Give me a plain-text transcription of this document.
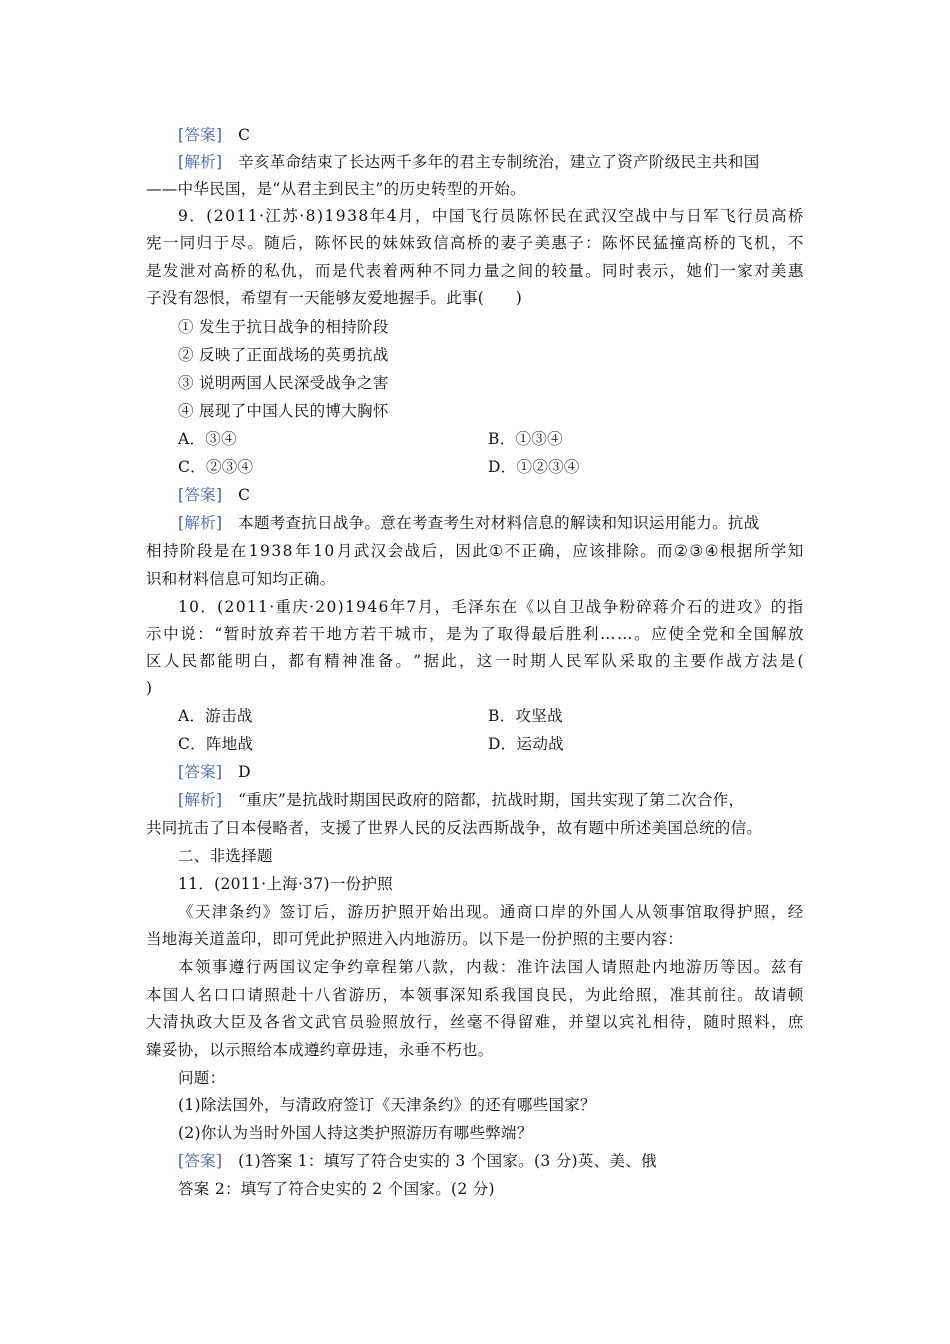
[答案]　 C
[解析]　 辛亥革命结束了长达两千多年的君主专制统治，建立了资产阶级民主共和国
——中华民国，是“从君主到民主”的历史转型的开始。
9 ． ( 2 0 1 1 · 江 苏 · 8 ) 1 9 3 8 年 4 月 ， 中 国 飞 行 员 陈 怀 民 在 武 汉 空 战 中 与 日 军 飞 行 员 高 桥
宪 一 同 归 于 尽 。 随 后 ， 陈 怀 民 的 妹 妹 致 信 高 桥 的 妻 子 美 惠 子 ： 陈 怀 民 猛 撞 高 桥 的 飞 机 ， 不
是 发 泄 对 高 桥 的 私 仇 ， 而 是 代 表 着 两 种 不 同 力 量 之 间 的 较 量 。 同 时 表 示 ， 她 们 一 家 对 美 惠
子没有怨恨，希望有一天能够友爱地握手。此事(　　)
① 发生于抗日战争的相持阶段
② 反映了正面战场的英勇抗战
③ 说明两国人民深受战争之害
④ 展现了中国人民的博大胸怀
A．③④	B．①③④
C．②③④	D．①②③④
[答案]　 C
[解析]　 本题考查抗日战争。意在考查考生对材料信息的解读和知识运用能力。抗战
相 持 阶 段 是 在 1 9 3 8 年 1 0 月 武 汉 会 战 后 ， 因 此 ① 不 正 确 ， 应 该 排 除 。 而 ② ③ ④ 根 据 所 学 知
识和材料信息可知均正确。
1 0 ． ( 2 0 1 1 · 重 庆 · 2 0 ) 1 9 4 6 年 7 月 ， 毛 泽 东 在 《 以 自 卫 战 争 粉 碎 蒋 介 石 的 进 攻 》 的 指
示 中 说 ： “ 暂 时 放 弃 若 干 地 方 若 干 城 市 ， 是 为 了 取 得 最 后 胜 利 … … 。 应 使 全 党 和 全 国 解 放
区 人 民 都 能 明 白 ， 都 有 精 神 准 备 。 ” 据 此 ， 这 一 时 期 人 民 军 队 采 取 的 主 要 作 战 方 法 是 (
)
A．游击战	B．攻坚战
C．阵地战	D．运动战
[答案]　 D
[解析]　 “重庆”是抗战时期国民政府的陪都，抗战时期，国共实现了第二次合作，
共同抗击了日本侵略者，支援了世界人民的反法西斯战争，故有题中所述美国总统的信。
二、非选择题
11．(2011·上海·37)一份护照
《 天 津 条 约 》 签 订 后 ， 游 历 护 照 开 始 出 现 。 通 商 口 岸 的 外 国 人 从 领 事 馆 取 得 护 照 ， 经
当地海关道盖印，即可凭此护照进入内地游历。以下是一份护照的主要内容：
本 领 事 遵 行 两 国 议 定 争 约 章 程 第 八 款 ， 内 裁 ： 准 许 法 国 人 请 照 赴 内 地 游 历 等 因 。 兹 有
本 国 人 名 口 口 请 照 赴 十 八 省 游 历 ， 本 领 事 深 知 系 我 国 良 民 ， 为 此 给 照 ， 准 其 前 往 。 故 请 顿
大 清 执 政 大 臣 及 各 省 文 武 官 员 验 照 放 行 ， 丝 毫 不 得 留 难 ， 并 望 以 宾 礼 相 待 ， 随 时 照 料 ， 庶
臻妥协，以示照给本成遵约章毋违，永垂不朽也。
问题：
(1)除法国外，与清政府签订《天津条约》的还有哪些国家？
(2)你认为当时外国人持这类护照游历有哪些弊端？
[答案]　 (1)答案 1：填写了符合史实的 3 个国家。(3 分)英、美、俄
答案 2：填写了符合史实的 2 个国家。(2 分)
